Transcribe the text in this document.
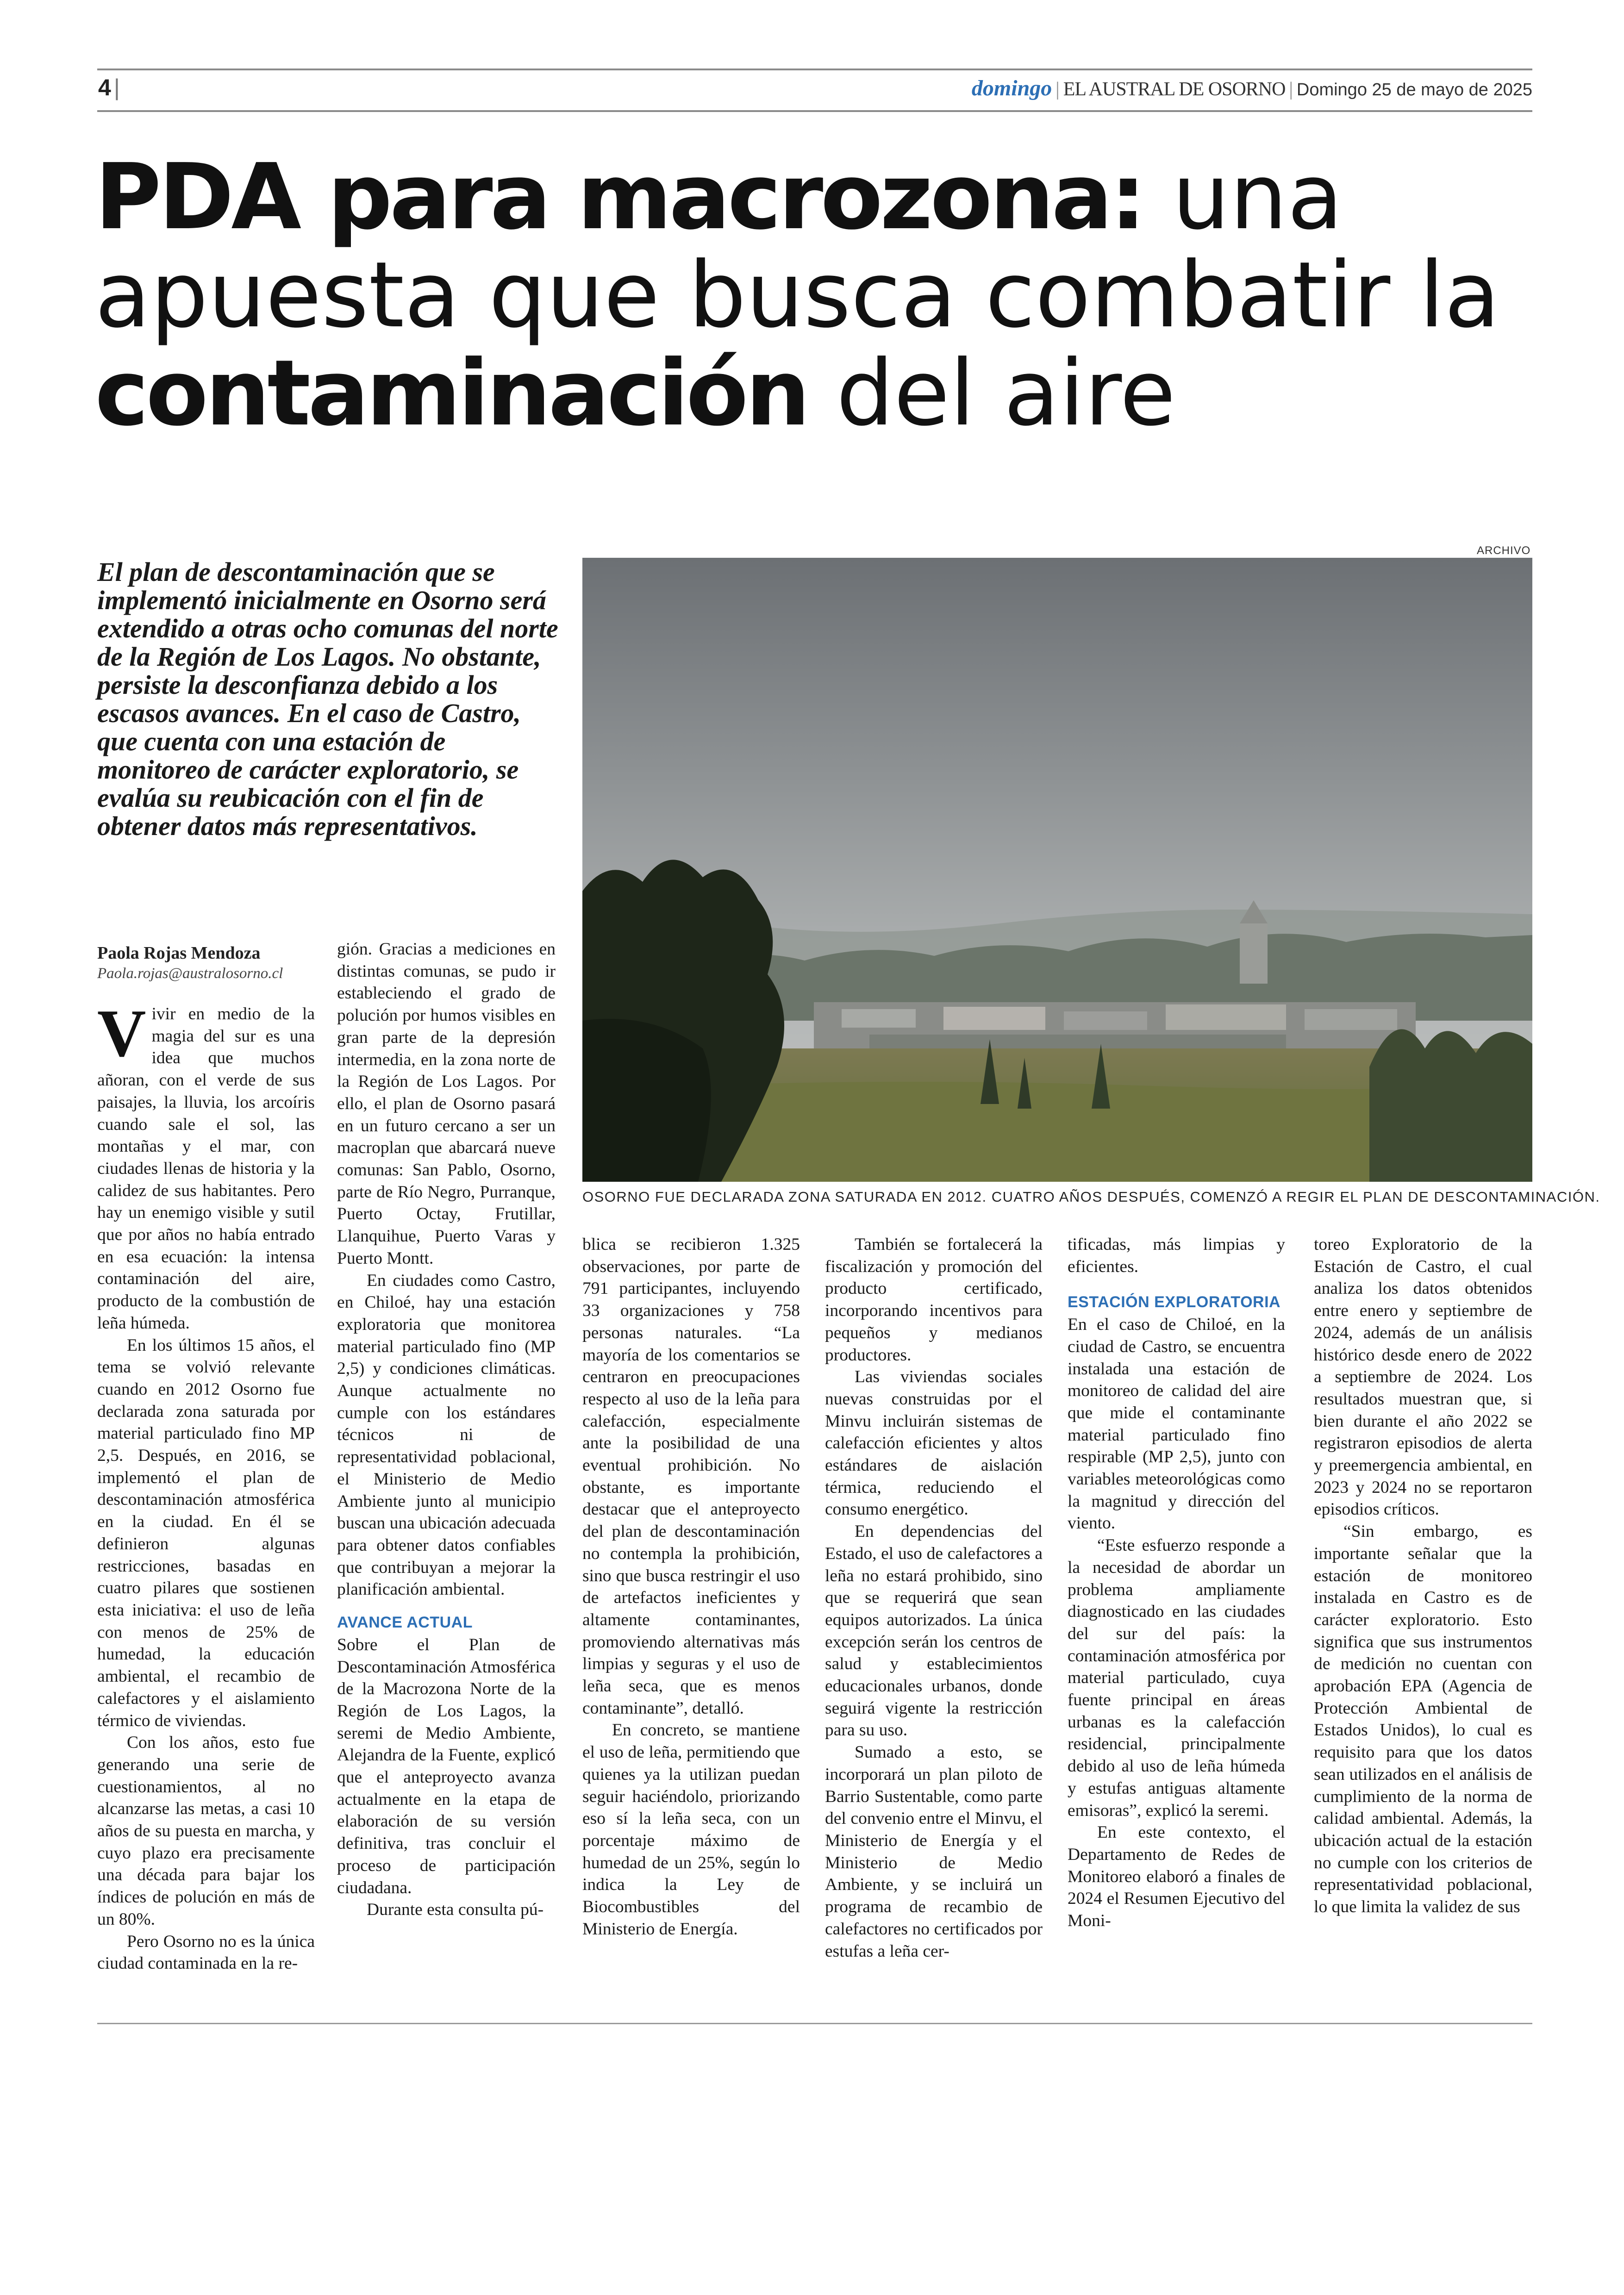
4 |	domingo | EL AUSTRAL DE OSORNO | Domingo 25 de mayo de 2025
PDA para macrozona: una apuesta que busca combatir la contaminación del aire
El plan de descontaminación que se implementó inicialmente en Osorno será extendido a otras ocho comunas del norte de la Región de Los Lagos. No obstante, persiste la desconfianza debido a los escasos avances. En el caso de Castro, que cuenta con una estación de monitoreo de carácter exploratorio, se evalúa su reubicación con el fin de obtener datos más representativos.
ARCHIVO
OSORNO FUE DECLARADA ZONA SATURADA EN 2012. CUATRO AÑOS DESPUÉS, COMENZÓ A REGIR EL PLAN DE DESCONTAMINACIÓN.
Paola Rojas Mendoza
Paola.rojas@australosorno.cl

Vivir en medio de la magia del sur es una idea que muchos añoran, con el verde de sus paisajes, la lluvia, los arcoíris cuando sale el sol, las montañas y el mar, con ciudades llenas de historia y la calidez de sus habitantes. Pero hay un enemigo visible y sutil que por años no había entrado en esa ecuación: la intensa contaminación del aire, producto de la combustión de leña húmeda.

En los últimos 15 años, el tema se volvió relevante cuando en 2012 Osorno fue declarada zona saturada por material particulado fino MP 2,5. Después, en 2016, se implementó el plan de descontaminación atmosférica en la ciudad. En él se definieron algunas restricciones, basadas en cuatro pilares que sostienen esta iniciativa: el uso de leña con menos de 25% de humedad, la educación ambiental, el recambio de calefactores y el aislamiento térmico de viviendas.

Con los años, esto fue generando una serie de cuestionamientos, al no alcanzarse las metas, a casi 10 años de su puesta en marcha, y cuyo plazo era precisamente una década para bajar los índices de polución en más de un 80%.

Pero Osorno no es la única ciudad contaminada en la re-

gión. Gracias a mediciones en distintas comunas, se pudo ir estableciendo el grado de polución por humos visibles en gran parte de la depresión intermedia, en la zona norte de la Región de Los Lagos. Por ello, el plan de Osorno pasará en un futuro cercano a ser un macroplan que abarcará nueve comunas: San Pablo, Osorno, parte de Río Negro, Purranque, Puerto Octay, Frutillar, Llanquihue, Puerto Varas y Puerto Montt.

En ciudades como Castro, en Chiloé, hay una estación exploratoria que monitorea material particulado fino (MP 2,5) y condiciones climáticas. Aunque actualmente no cumple con los estándares técnicos ni de representatividad poblacional, el Ministerio de Medio Ambiente junto al municipio buscan una ubicación adecuada para obtener datos confiables que contribuyan a mejorar la planificación ambiental.

AVANCE ACTUAL

Sobre el Plan de Descontaminación Atmosférica de la Macrozona Norte de la Región de Los Lagos, la seremi de Medio Ambiente, Alejandra de la Fuente, explicó que el anteproyecto avanza actualmente en la etapa de elaboración de su versión definitiva, tras concluir el proceso de participación ciudadana.

Durante esta consulta pú-

blica se recibieron 1.325 observaciones, por parte de 791 participantes, incluyendo 33 organizaciones y 758 personas naturales. “La mayoría de los comentarios se centraron en preocupaciones respecto al uso de la leña para calefacción, especialmente ante la posibilidad de una eventual prohibición. No obstante, es importante destacar que el anteproyecto del plan de descontaminación no contempla la prohibición, sino que busca restringir el uso de artefactos ineficientes y altamente contaminantes, promoviendo alternativas más limpias y seguras y el uso de leña seca, que es menos contaminante”, detalló.

En concreto, se mantiene el uso de leña, permitiendo que quienes ya la utilizan puedan seguir haciéndolo, priorizando eso sí la leña seca, con un porcentaje máximo de humedad de un 25%, según lo indica la Ley de Biocombustibles del Ministerio de Energía.

También se fortalecerá la fiscalización y promoción del producto certificado, incorporando incentivos para pequeños y medianos productores.

Las viviendas sociales nuevas construidas por el Minvu incluirán sistemas de calefacción eficientes y altos estándares de aislación térmica, reduciendo el consumo energético.

En dependencias del Estado, el uso de calefactores a leña no estará prohibido, sino que se requerirá que sean equipos autorizados. La única excepción serán los centros de salud y establecimientos educacionales urbanos, donde seguirá vigente la restricción para su uso.

Sumado a esto, se incorporará un plan piloto de Barrio Sustentable, como parte del convenio entre el Minvu, el Ministerio de Energía y el Ministerio de Medio Ambiente, y se incluirá un programa de recambio de calefactores no certificados por estufas a leña cer-

tificadas, más limpias y eficientes.

ESTACIÓN EXPLORATORIA

En el caso de Chiloé, en la ciudad de Castro, se encuentra instalada una estación de monitoreo de calidad del aire que mide el contaminante material particulado fino respirable (MP 2,5), junto con variables meteorológicas como la magnitud y dirección del viento.

“Este esfuerzo responde a la necesidad de abordar un problema ampliamente diagnosticado en las ciudades del sur del país: la contaminación atmosférica por material particulado, cuya fuente principal en áreas urbanas es la calefacción residencial, principalmente debido al uso de leña húmeda y estufas antiguas altamente emisoras”, explicó la seremi.

En este contexto, el Departamento de Redes de Monitoreo elaboró a finales de 2024 el Resumen Ejecutivo del Moni-

toreo Exploratorio de la Estación de Castro, el cual analiza los datos obtenidos entre enero y septiembre de 2024, además de un análisis histórico desde enero de 2022 a septiembre de 2024. Los resultados muestran que, si bien durante el año 2022 se registraron episodios de alerta y preemergencia ambiental, en 2023 y 2024 no se reportaron episodios críticos.

“Sin embargo, es importante señalar que la estación de monitoreo instalada en Castro es de carácter exploratorio. Esto significa que sus instrumentos de medición no cuentan con aprobación EPA (Agencia de Protección Ambiental de Estados Unidos), lo cual es requisito para que los datos sean utilizados en el análisis de cumplimiento de la norma de calidad ambiental. Además, la ubicación actual de la estación no cumple con los criterios de representatividad poblacional, lo que limita la validez de sus
